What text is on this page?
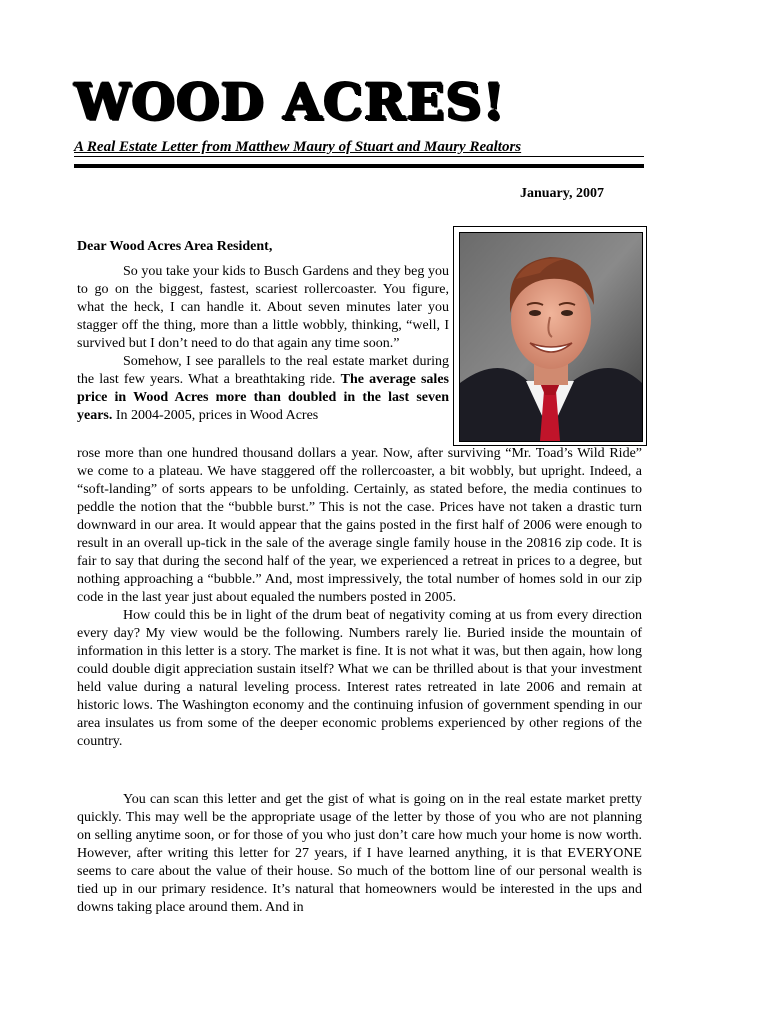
WOOD ACRES!
A Real Estate Letter from Matthew Maury of Stuart and Maury Realtors
January, 2007
Dear Wood Acres Area Resident,

So you take your kids to Busch Gardens and they beg you to go on the biggest, fastest, scariest rollercoaster. You figure, what the heck, I can handle it. About seven minutes later you stagger off the thing, more than a little wobbly, thinking, “well, I survived but I don’t need to do that again any time soon.”

Somehow, I see parallels to the real estate market during the last few years. What a breathtaking ride. The average sales price in Wood Acres more than doubled in the last seven years. In 2004-2005, prices in Wood Acres

rose more than one hundred thousand dollars a year. Now, after surviving “Mr. Toad’s Wild Ride” we come to a plateau. We have staggered off the rollercoaster, a bit wobbly, but upright. Indeed, a “soft-landing” of sorts appears to be unfolding. Certainly, as stated before, the media continues to peddle the notion that the “bubble burst.” This is not the case. Prices have not taken a drastic turn downward in our area. It would appear that the gains posted in the first half of 2006 were enough to result in an overall up-tick in the sale of the average single family house in the 20816 zip code. It is fair to say that during the second half of the year, we experienced a retreat in prices to a degree, but nothing approaching a “bubble.” And, most impressively, the total number of homes sold in our zip code in the last year just about equaled the numbers posted in 2005.

How could this be in light of the drum beat of negativity coming at us from every direction every day? My view would be the following. Numbers rarely lie. Buried inside the mountain of information in this letter is a story. The market is fine. It is not what it was, but then again, how long could double digit appreciation sustain itself? What we can be thrilled about is that your investment held value during a natural leveling process. Interest rates retreated in late 2006 and remain at historic lows. The Washington economy and the continuing infusion of government spending in our area insulates us from some of the deeper economic problems experienced by other regions of the country.

You can scan this letter and get the gist of what is going on in the real estate market pretty quickly. This may well be the appropriate usage of the letter by those of you who are not planning on selling anytime soon, or for those of you who just don’t care how much your home is now worth. However, after writing this letter for 27 years, if I have learned anything, it is that EVERYONE seems to care about the value of their house. So much of the bottom line of our personal wealth is tied up in our primary residence. It’s natural that homeowners would be interested in the ups and downs taking place around them. And in
